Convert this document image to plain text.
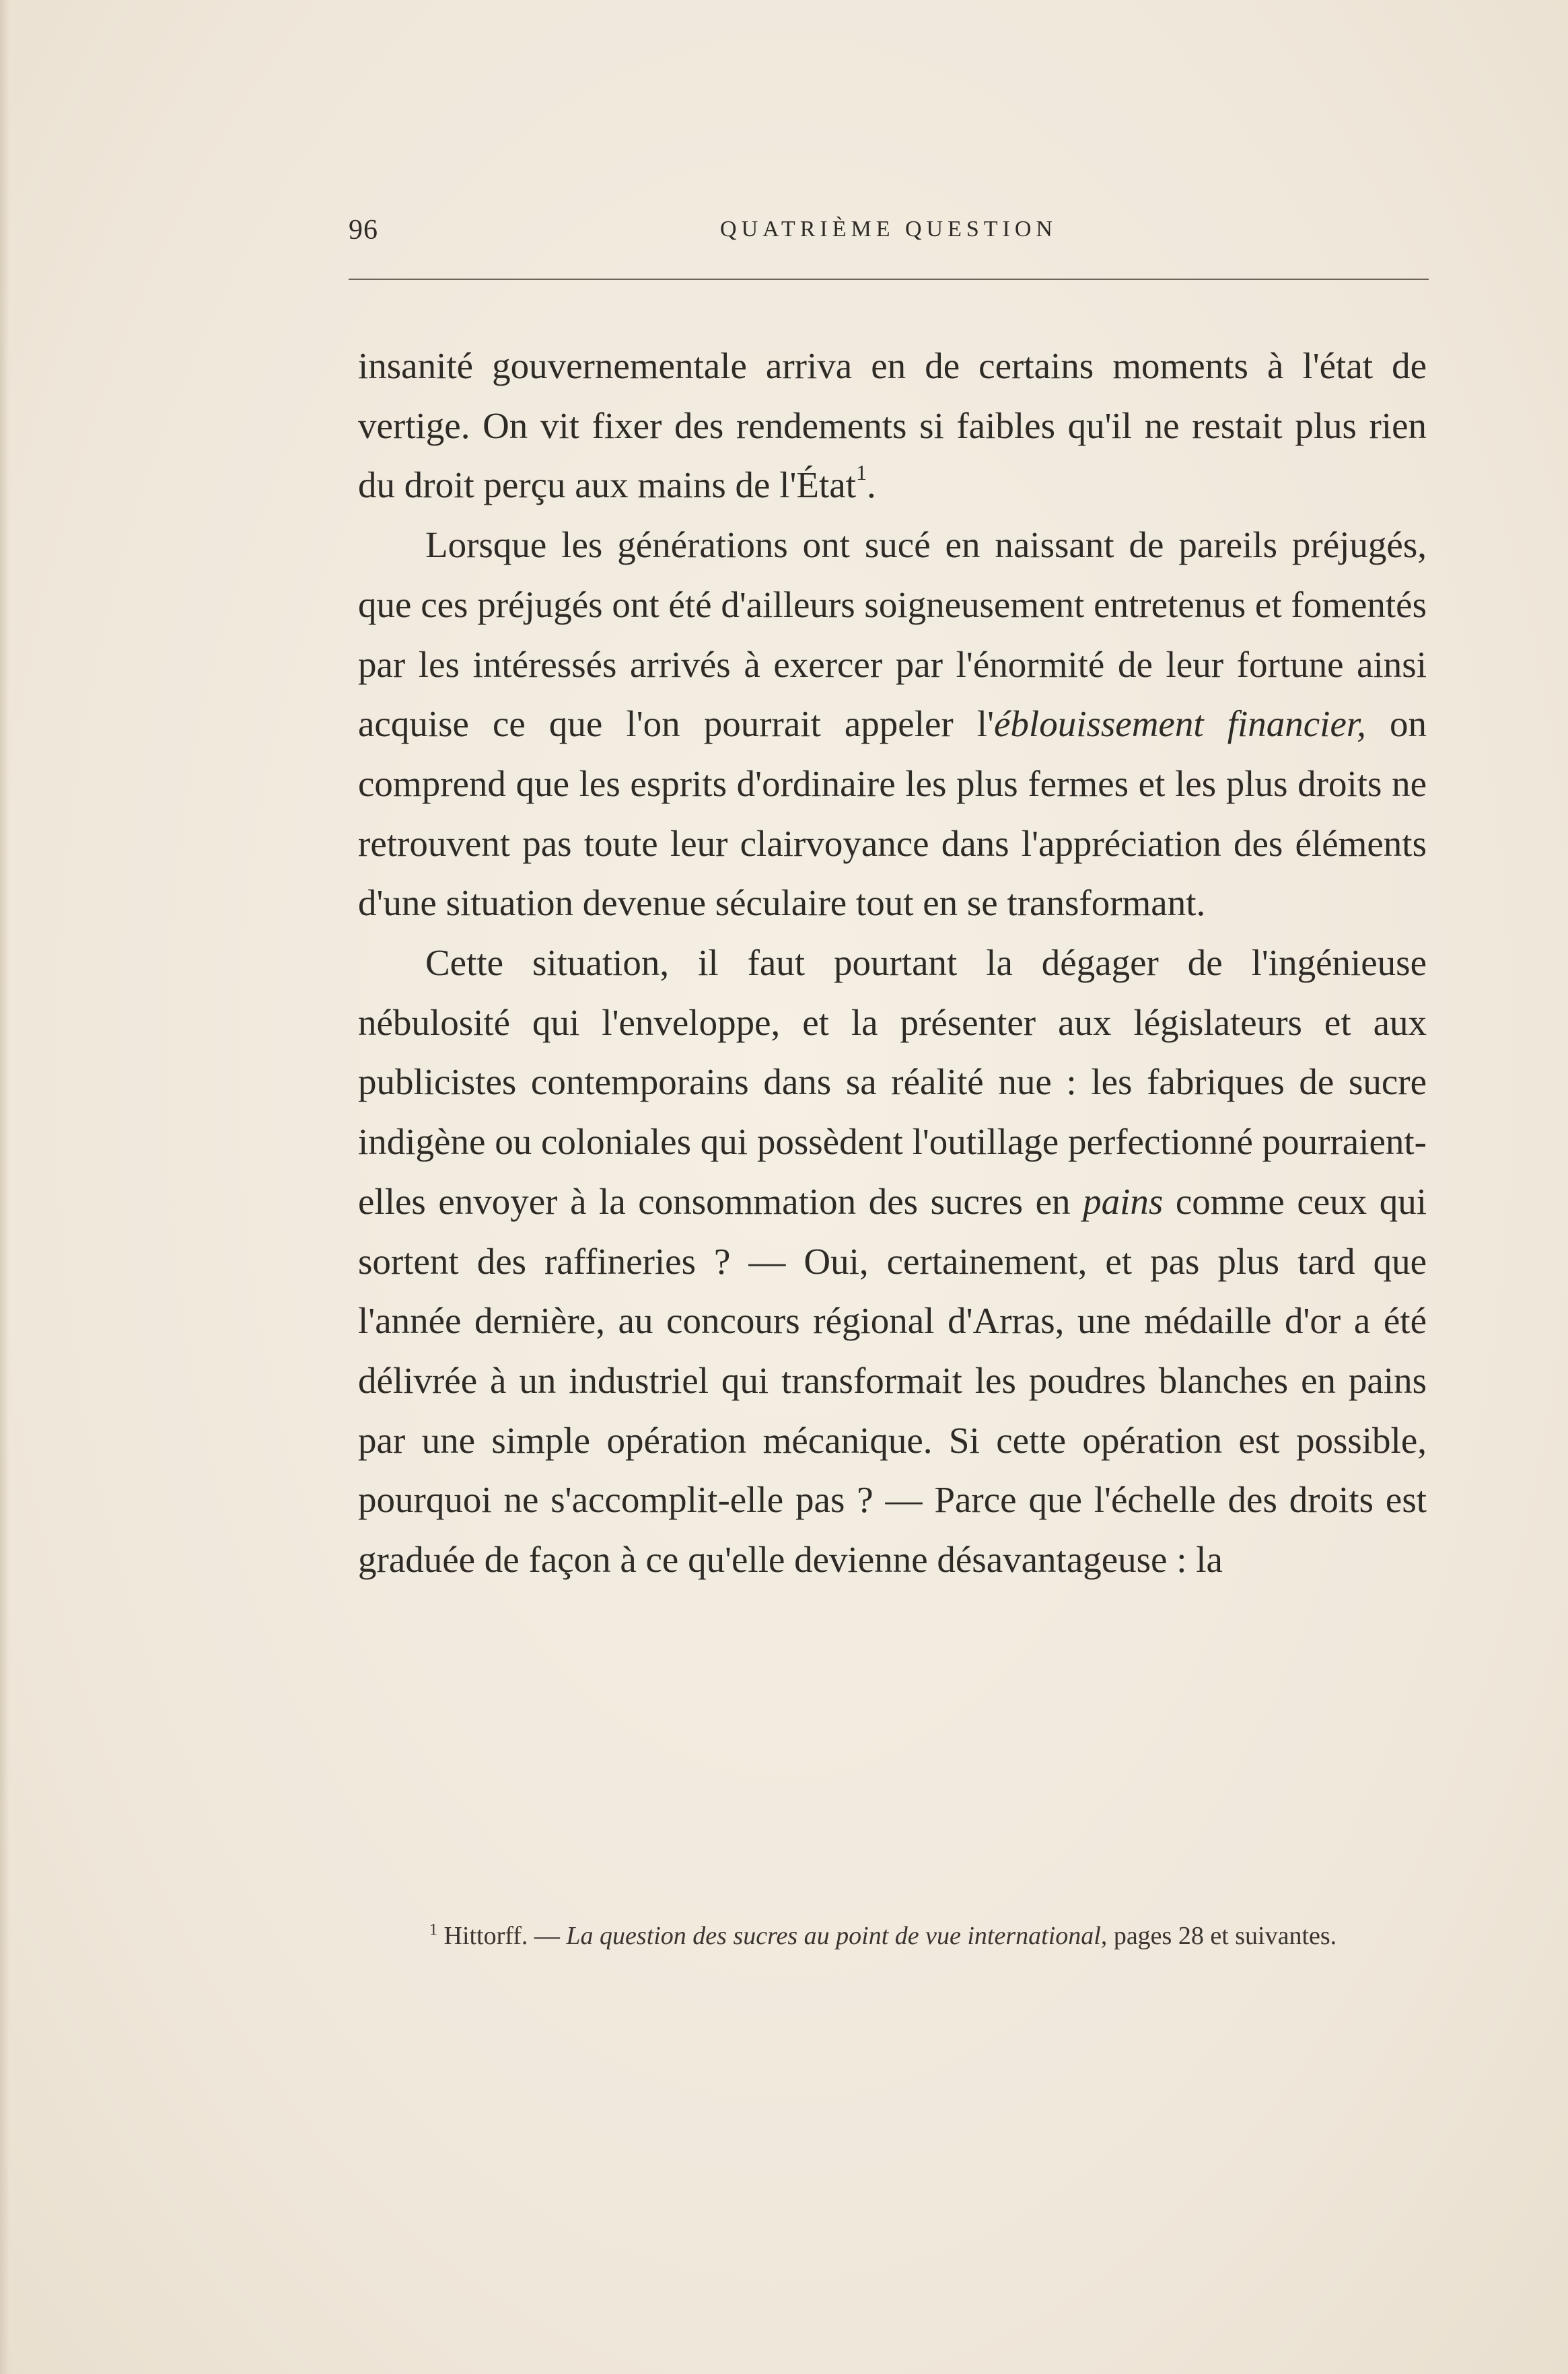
96	QUATRIÈME QUESTION

insanité gouvernementale arriva en de certains moments à l'état de vertige. On vit fixer des rendements si faibles qu'il ne restait plus rien du droit perçu aux mains de l'État$^1$.

Lorsque les générations ont sucé en naissant de pareils préjugés, que ces préjugés ont été d'ailleurs soigneusement entretenus et fomentés par les intéressés arrivés à exercer par l'énormité de leur fortune ainsi acquise ce que l'on pourrait appeler l'éblouissement financier, on comprend que les esprits d'ordinaire les plus fermes et les plus droits ne retrouvent pas toute leur clairvoyance dans l'appréciation des éléments d'une situation devenue séculaire tout en se transformant.

Cette situation, il faut pourtant la dégager de l'ingénieuse nébulosité qui l'enveloppe, et la présenter aux législateurs et aux publicistes contemporains dans sa réalité nue : les fabriques de sucre indigène ou coloniales qui possèdent l'outillage perfectionné pourraient-elles envoyer à la consommation des sucres en pains comme ceux qui sortent des raffineries ? — Oui, certainement, et pas plus tard que l'année dernière, au concours régional d'Arras, une médaille d'or a été délivrée à un industriel qui transformait les poudres blanches en pains par une simple opération mécanique. Si cette opération est possible, pourquoi ne s'accomplit-elle pas ? — Parce que l'échelle des droits est graduée de façon à ce qu'elle devienne désavantageuse : la

$^1$ Hittorff. — La question des sucres au point de vue international, pages 28 et suivantes.
